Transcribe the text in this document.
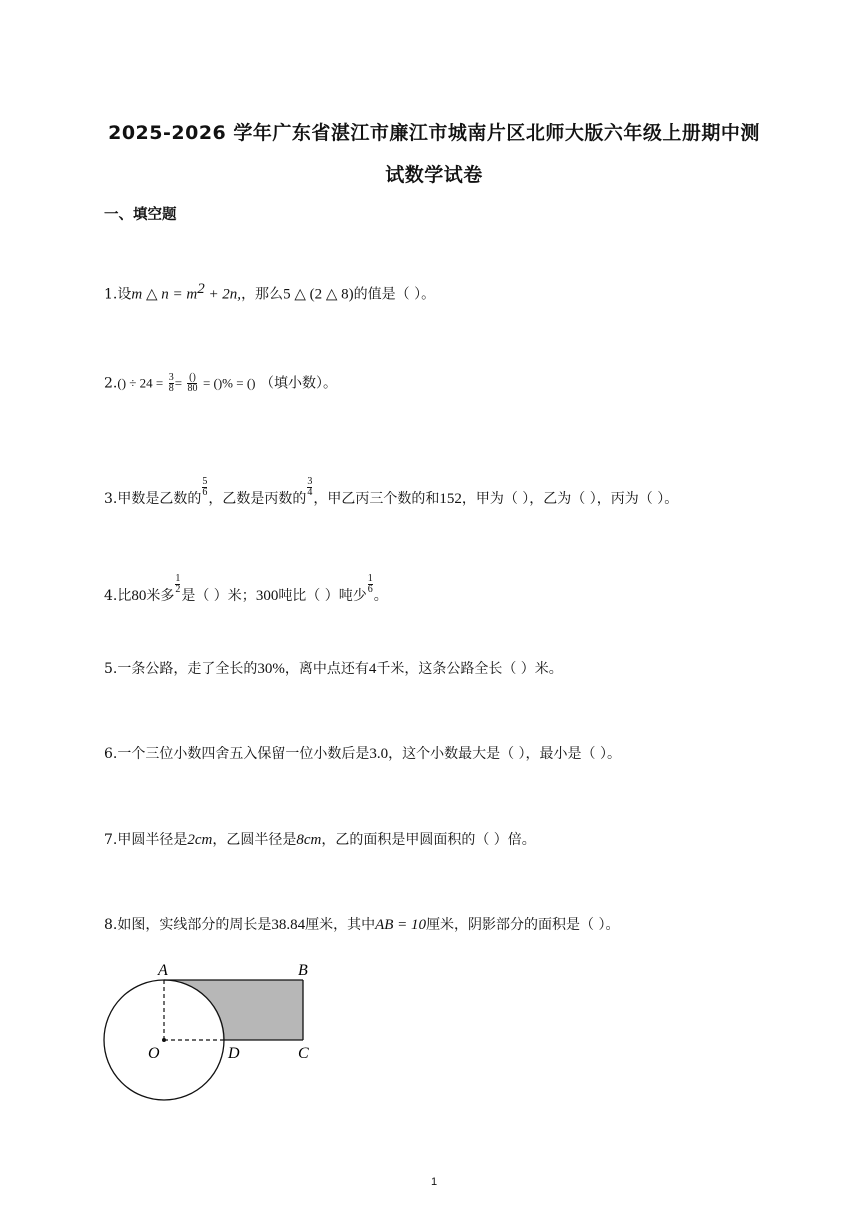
2025-2026 学年广东省湛江市廉江市城南片区北师大版六年级上册期中测
试数学试卷
一、填空题
1.设m △ $n = m^2 + 2n$,，那么5 △ (2 △ 8)的值是（ ）。
$2.() \div 24 = \frac{3}{8} = \frac{()}{80}$ = ()% = () （填小数）。
3.甲数是乙数的
$\frac{5}{6}$
，乙数是丙数的
$\frac{3}{4}$
，甲乙丙三个数的和152，甲为（ ），乙为（ ），丙为（ ）。
4.比80米多
$\frac{1}{2}$
是（ ）米；300吨比（ ）吨少
$\frac{1}{6}$
。
5.一条公路，走了全长的30%，离中点还有4千米，这条公路全长（ ）米。
6.一个三位小数四舍五入保留一位小数后是3.0，这个小数最大是（ ），最小是（ ）。
7.甲圆半径是2cm，乙圆半径是8cm，乙的面积是甲圆面积的（ ）倍。
8.如图，实线部分的周长是38.84厘米，其中AB = 10厘米，阴影部分的面积是（ ）。
A	B
O	D	C
1
